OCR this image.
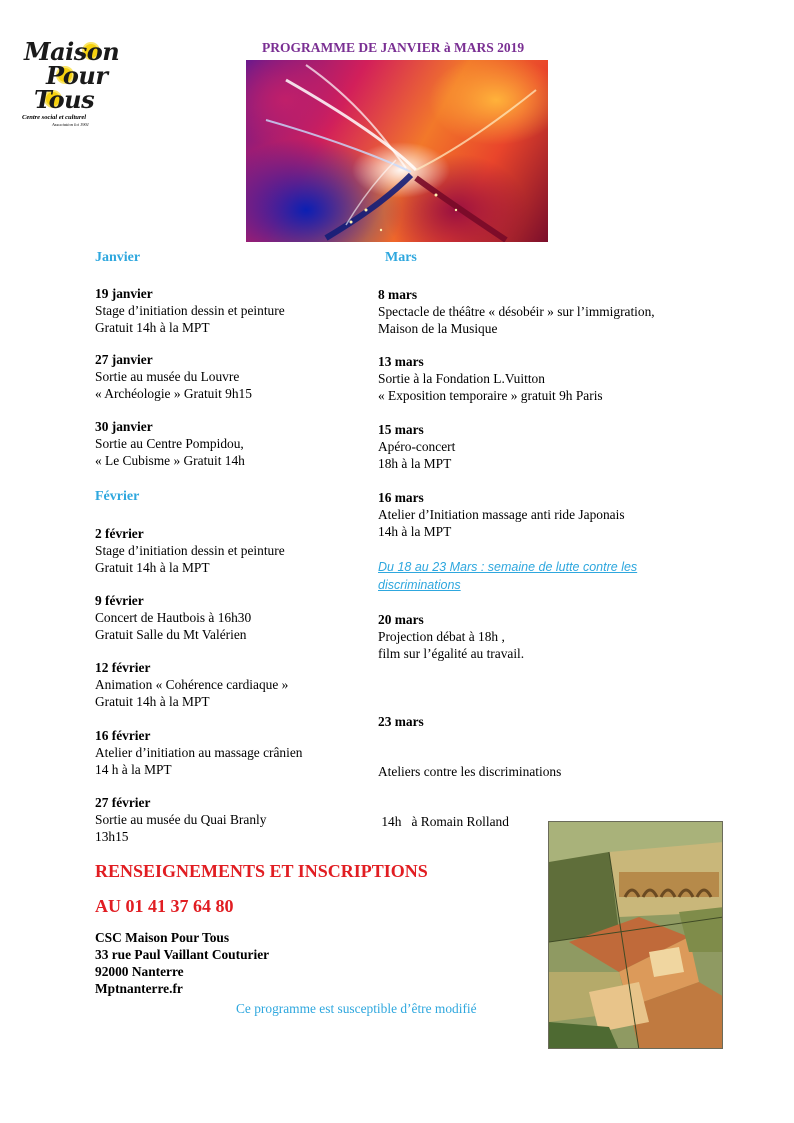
Maison
Pour
Tous
Centre social et culturel
Association loi 1901
PROGRAMME DE JANVIER à MARS 2019
Janvier
19 janvier
Stage d’initiation dessin et peinture
Gratuit 14h à la MPT
27 janvier
Sortie au musée du Louvre
« Archéologie » Gratuit 9h15
30 janvier
Sortie au Centre Pompidou,
« Le Cubisme » Gratuit 14h
Février
2 février
Stage d’initiation dessin et peinture
Gratuit 14h à la MPT
9 février
Concert de Hautbois à 16h30
Gratuit Salle du Mt Valérien
12 février
Animation « Cohérence cardiaque »
Gratuit 14h à la MPT
16 février
Atelier d’initiation au massage crânien
14 h à la MPT
27 février
Sortie au musée du Quai Branly
13h15
Mars
8 mars
Spectacle de théâtre « désobéir » sur l’immigration,
Maison de la Musique
13 mars
Sortie à la Fondation L.Vuitton
« Exposition temporaire » gratuit 9h Paris
15 mars
Apéro-concert
18h à la MPT
16 mars
Atelier d’Initiation massage anti ride Japonais
14h à la MPT
Du 18 au 23 Mars : semaine de lutte contre les discriminations
20 mars
Projection débat à 18h ,
film sur l’égalité au travail.

23 mars

Ateliers contre les discriminations

14h   à Romain Rolland

RENSEIGNEMENTS ET INSCRIPTIONS
AU 01 41 37 64 80
CSC Maison Pour Tous
33 rue Paul Vaillant Couturier
92000 Nanterre
Mptnanterre.fr
Ce programme est susceptible d’être modifié
